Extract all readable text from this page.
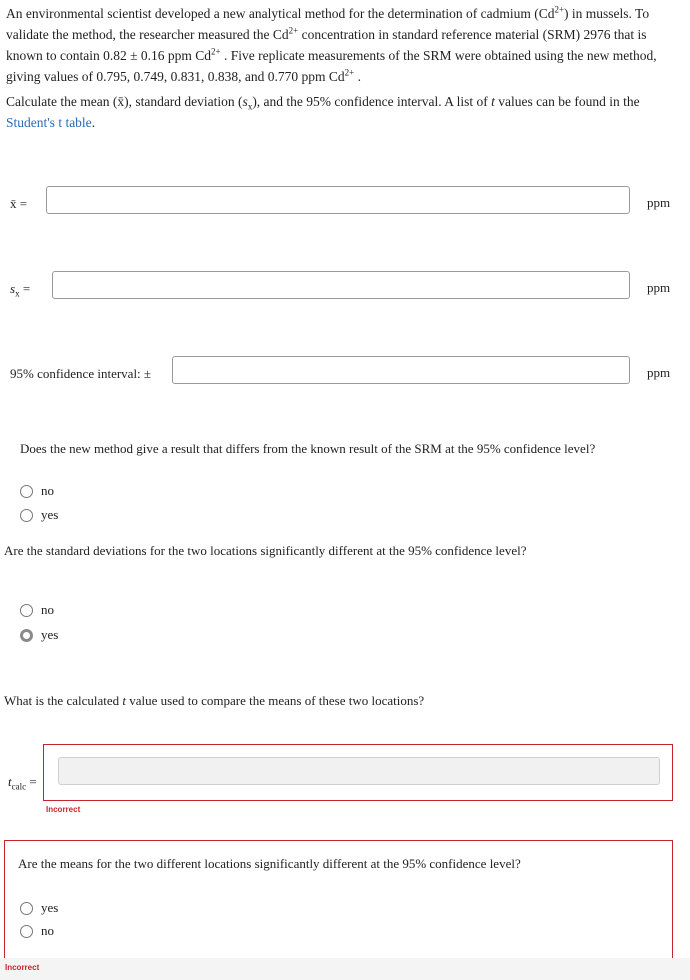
An environmental scientist developed a new analytical method for the determination of cadmium $(Cd^{2+})$ in mussels. To
validate the method, the researcher measured the $Cd^{2+}$ concentration in standard reference material (SRM) 2976 that is
known to contain 0.82 ± 0.16 ppm $Cd^{2+}$ . Five replicate measurements of the SRM were obtained using the new method,
giving values of 0.795, 0.749, 0.831, 0.838, and 0.770 ppm $Cd^{2+}$ .
Calculate the mean (x̄), standard deviation $(s_x)$, and the 95% confidence interval. A list of t values can be found in the
Student's t table.
x̄ =	ppm
$s_x$ =	ppm
95% confidence interval: ±	ppm
Does the new method give a result that differs from the known result of the SRM at the 95% confidence level?
no
yes
Are the standard deviations for the two locations significantly different at the 95% confidence level?
no
yes
What is the calculated t value used to compare the means of these two locations?
$t_{calc}$ =
Incorrect
Are the means for the two different locations significantly different at the 95% confidence level?
yes
no
Incorrect
